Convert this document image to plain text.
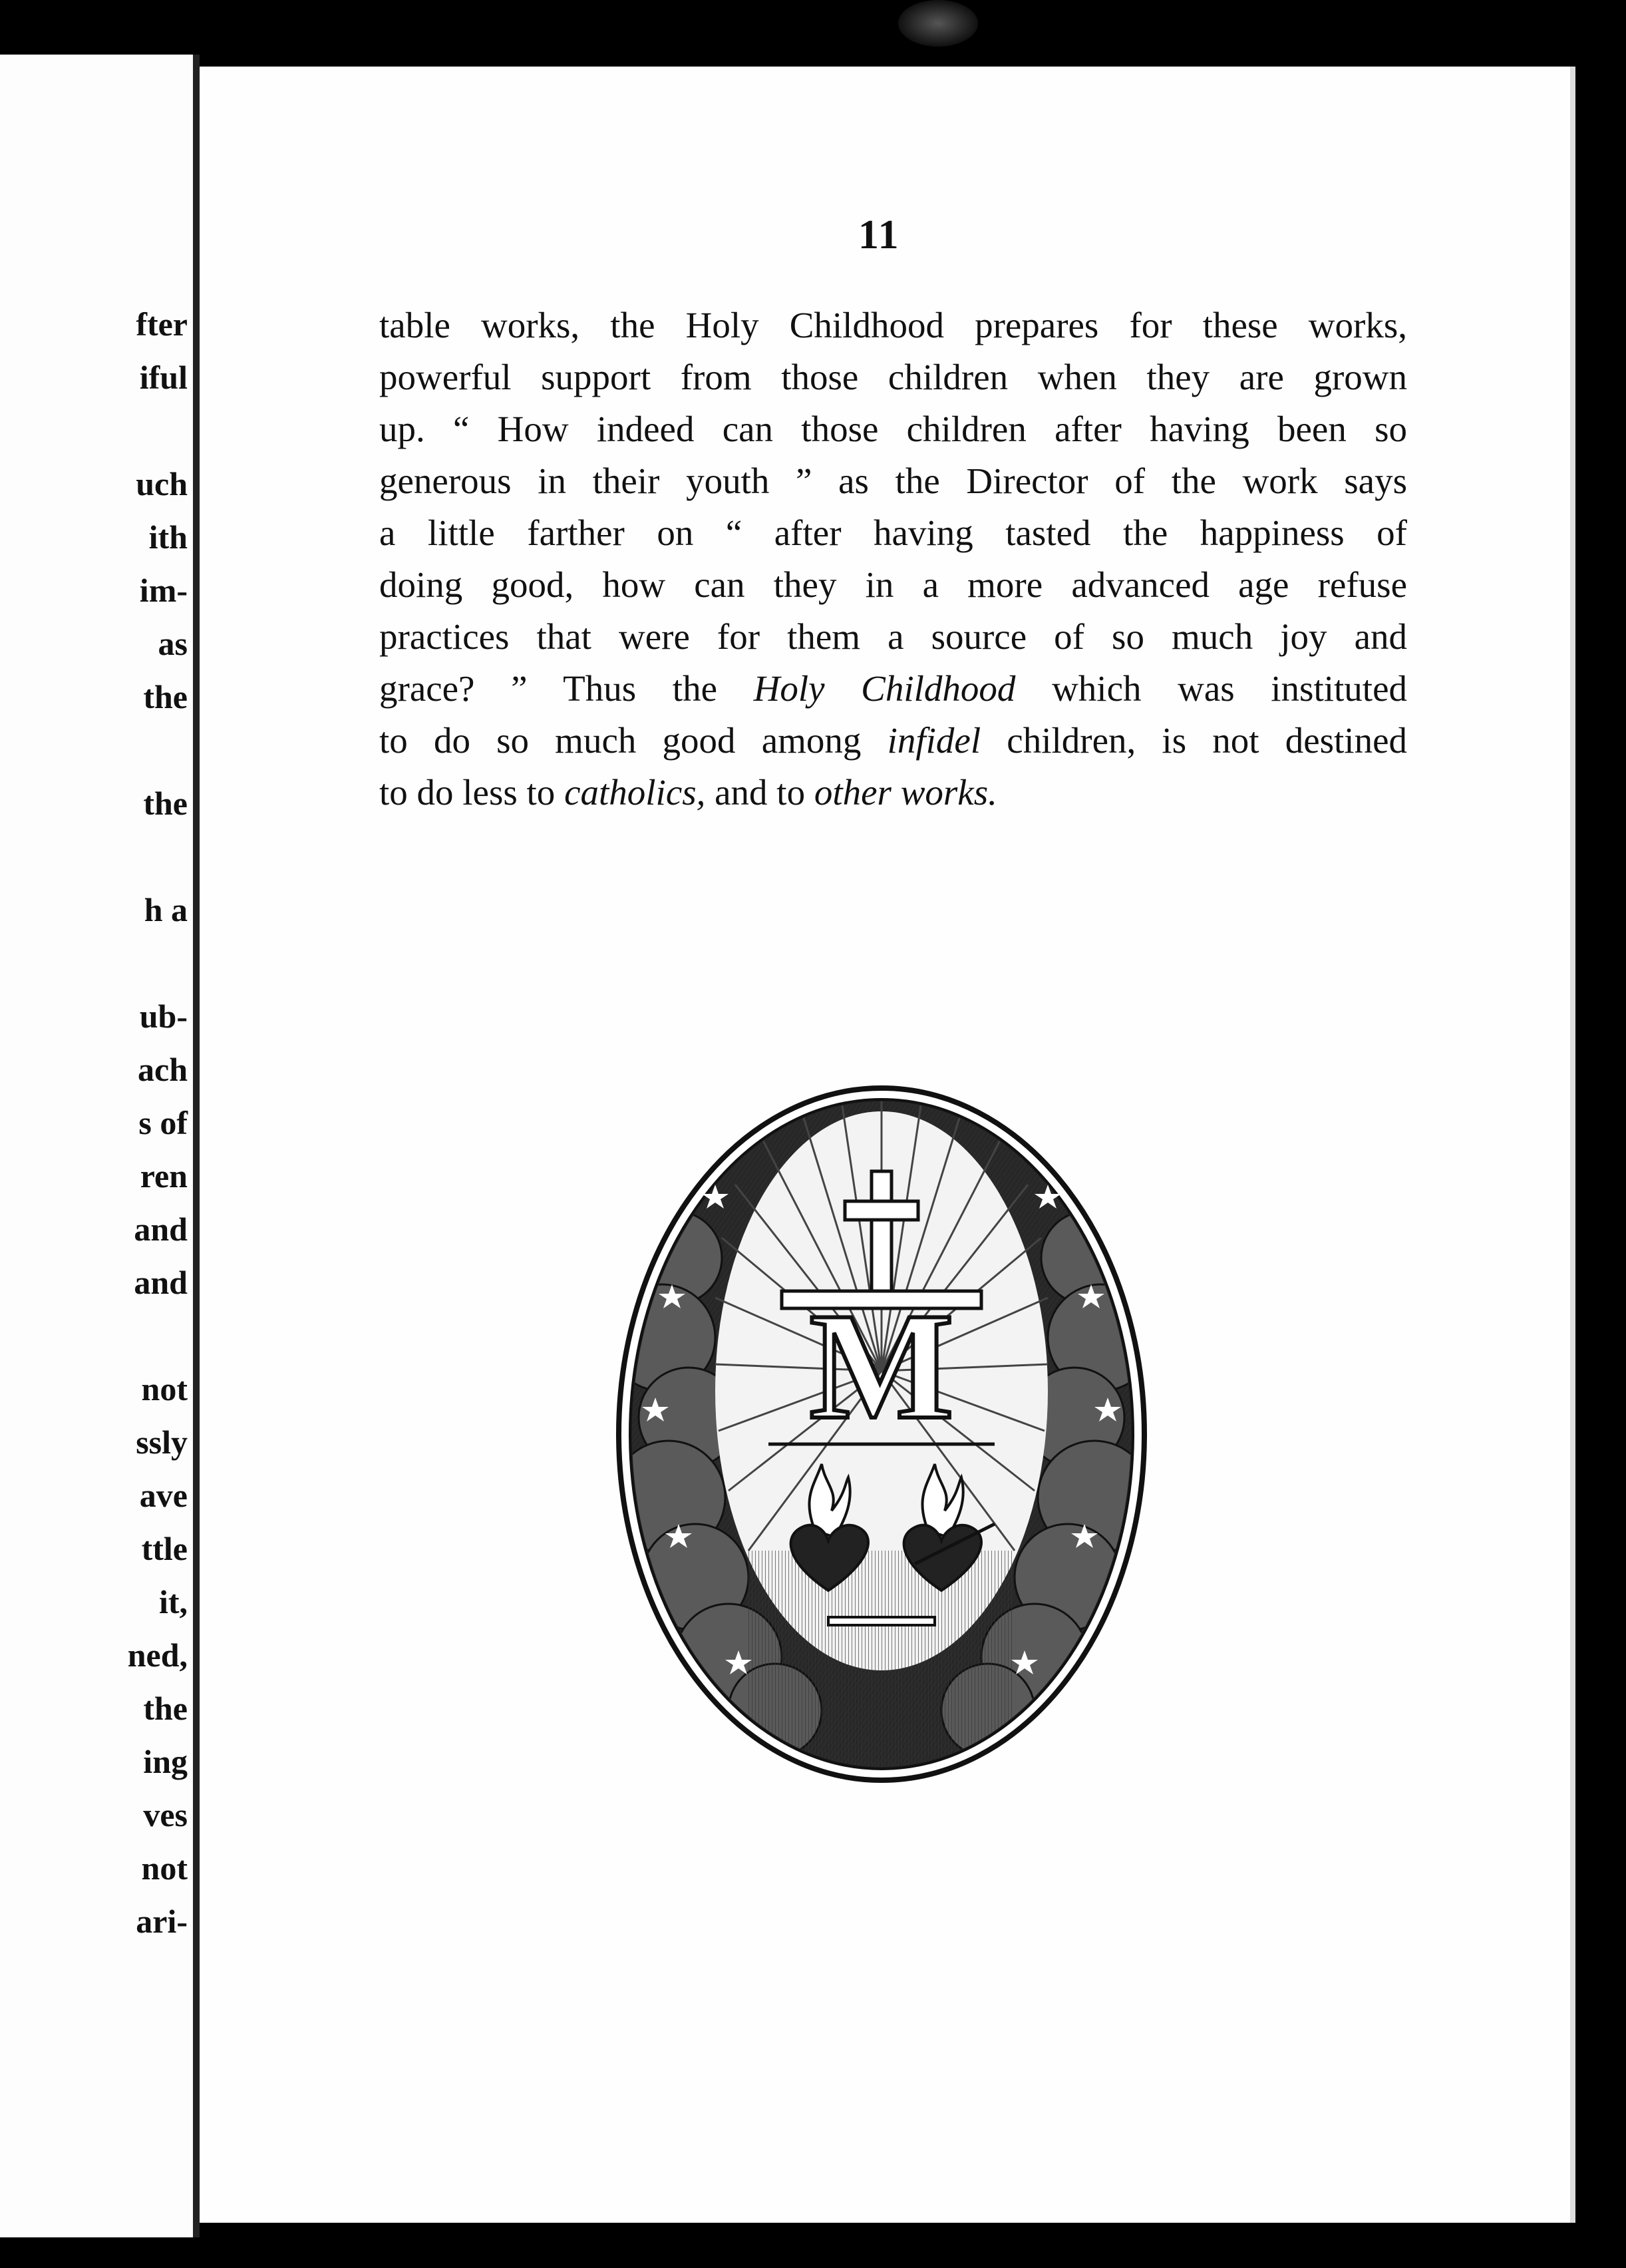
fter
iful
uch
ith
im-
as
the
the
h a
ub-
ach
s of
ren
and
and
not
ssly
ave
ttle
it,
ned,
the
ing
ves
not
ari-
11
table works, the Holy Childhood prepares for these works,
powerful support from those children when they are grown
up. “ How indeed can those children after having been so
generous in their youth ” as the Director of the work says
a little farther on “ after having tasted the happiness of
doing good, how can they in a more advanced age refuse
practices that were for them a source of so much joy and
grace? ” Thus the Holy Childhood which was instituted
to do so much good among infidel children, is not destined
to do less to catholics, and to other works.
M
